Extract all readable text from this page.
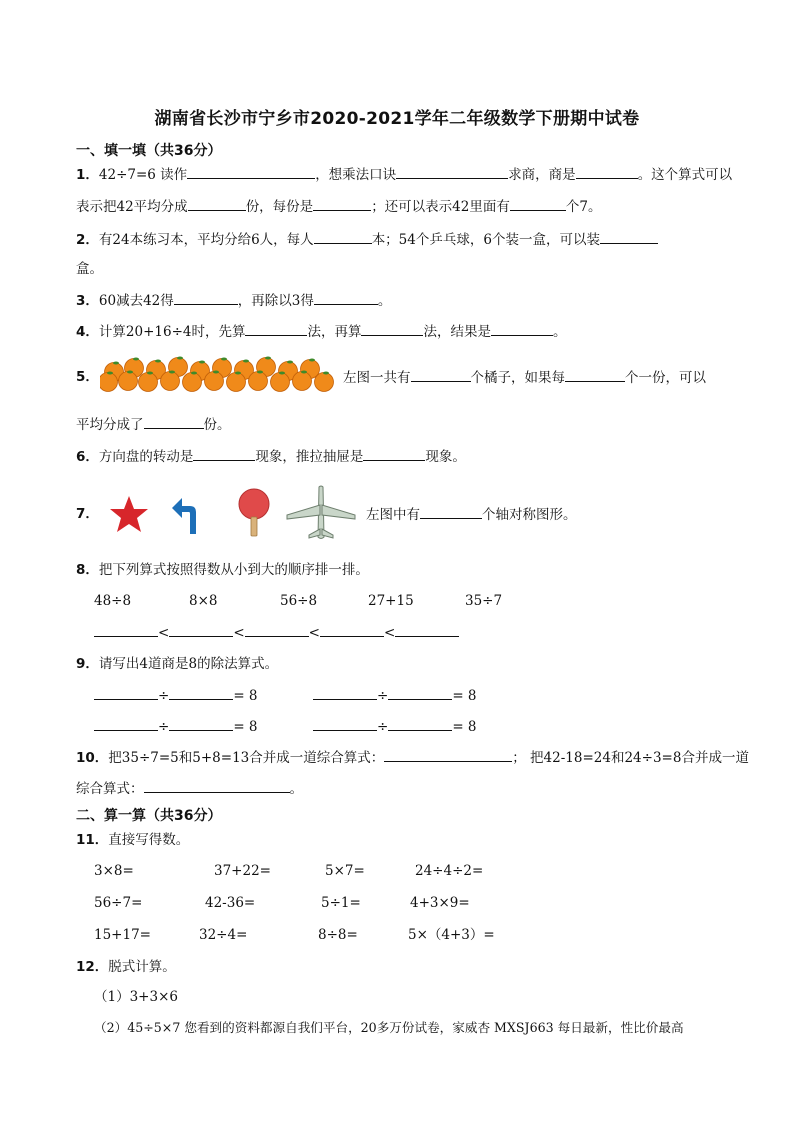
湖南省长沙市宁乡市2020-2021学年二年级数学下册期中试卷
一、填一填（共36分）
1．42÷7=6 读作	，想乘法口诀	求商，商是	。这个算式可以
表示把42平均分成	份，每份是	；还可以表示42里面有	个7。
2．有24本练习本，平均分给6人，每人	本；54个乒乓球，6个装一盒，可以装
盒。
3．60减去42得	，再除以3得	。
4．计算20+16÷4时，先算	法，再算	法，结果是	。
5．	左图一共有	个橘子，如果每	个一份，可以
平均分成了	份。
6．方向盘的转动是	现象，推拉抽屉是	现象。
7．	左图中有	个轴对称图形。
8．把下列算式按照得数从小到大的顺序排一排。
48÷8	8×8	56÷8	27+15	35÷7
<	<	<	<
9．请写出4道商是8的除法算式。
÷	= 8	÷	= 8
÷	= 8	÷	= 8
10．把35÷7=5和5+8=13合并成一道综合算式：	； 把42-18=24和24÷3=8合并成一道
综合算式：	。
二、算一算（共36分）
11．直接写得数。
3×8=	37+22=	5×7=	24÷4÷2=
56÷7=	42-36=	5÷1=	4+3×9=
15+17=	32÷4=	8÷8=	5×（4+3）=
12．脱式计算。
（1）3+3×6
（2）45÷5×7 您看到的资料都源自我们平台，20多万份试卷，家威杏 MXSJ663 每日最新，性比价最高
